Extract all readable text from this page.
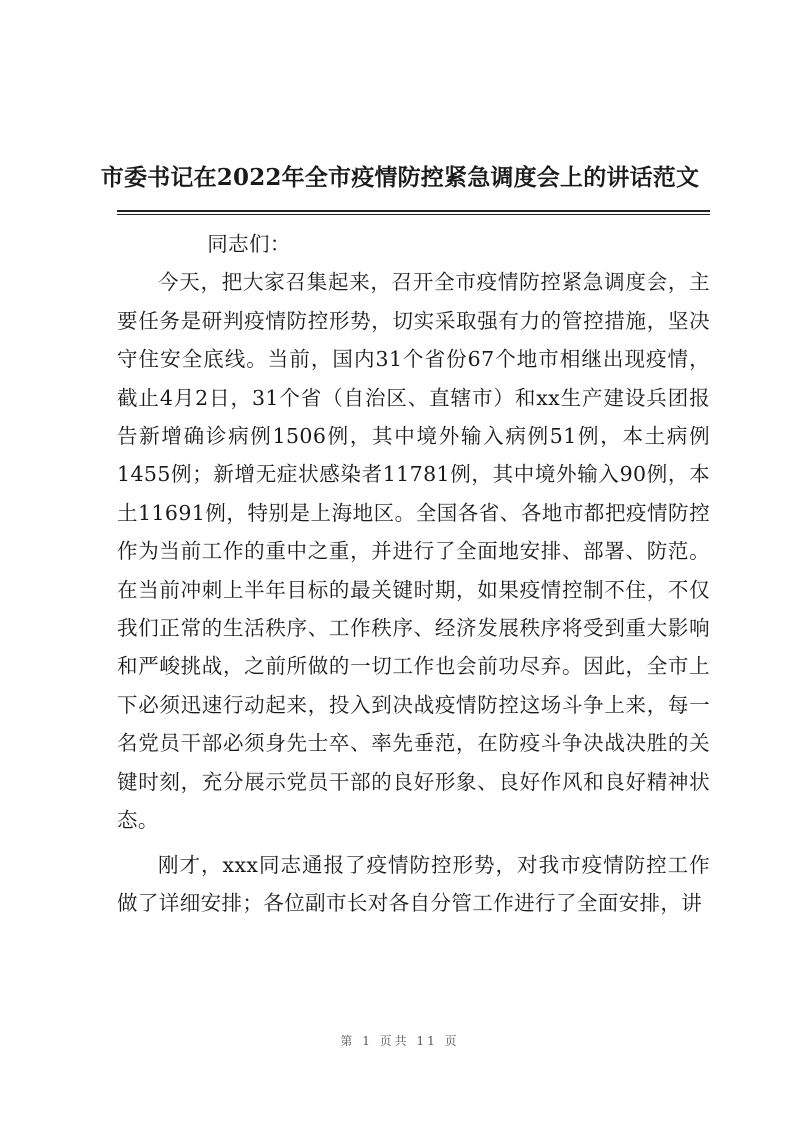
市委书记在2022年全市疫情防控紧急调度会上的讲话范文

同志们：

今天，把大家召集起来，召开全市疫情防控紧急调度会，主要任务是研判疫情防控形势，切实采取强有力的管控措施，坚决守住安全底线。当前，国内31个省份67个地市相继出现疫情，截止4月2日，31个省（自治区、直辖市）和xx生产建设兵团报告新增确诊病例1506例，其中境外输入病例51例，本土病例1455例；新增无症状感染者11781例，其中境外输入90例，本土11691例，特别是上海地区。全国各省、各地市都把疫情防控作为当前工作的重中之重，并进行了全面地安排、部署、防范。在当前冲刺上半年目标的最关键时期，如果疫情控制不住，不仅我们正常的生活秩序、工作秩序、经济发展秩序将受到重大影响和严峻挑战，之前所做的一切工作也会前功尽弃。因此，全市上下必须迅速行动起来，投入到决战疫情防控这场斗争上来，每一名党员干部必须身先士卒、率先垂范，在防疫斗争决战决胜的关键时刻，充分展示党员干部的良好形象、良好作风和良好精神状态。

刚才，xxx同志通报了疫情防控形势，对我市疫情防控工作做了详细安排；各位副市长对各自分管工作进行了全面安排，讲

第 1 页共 11 页
